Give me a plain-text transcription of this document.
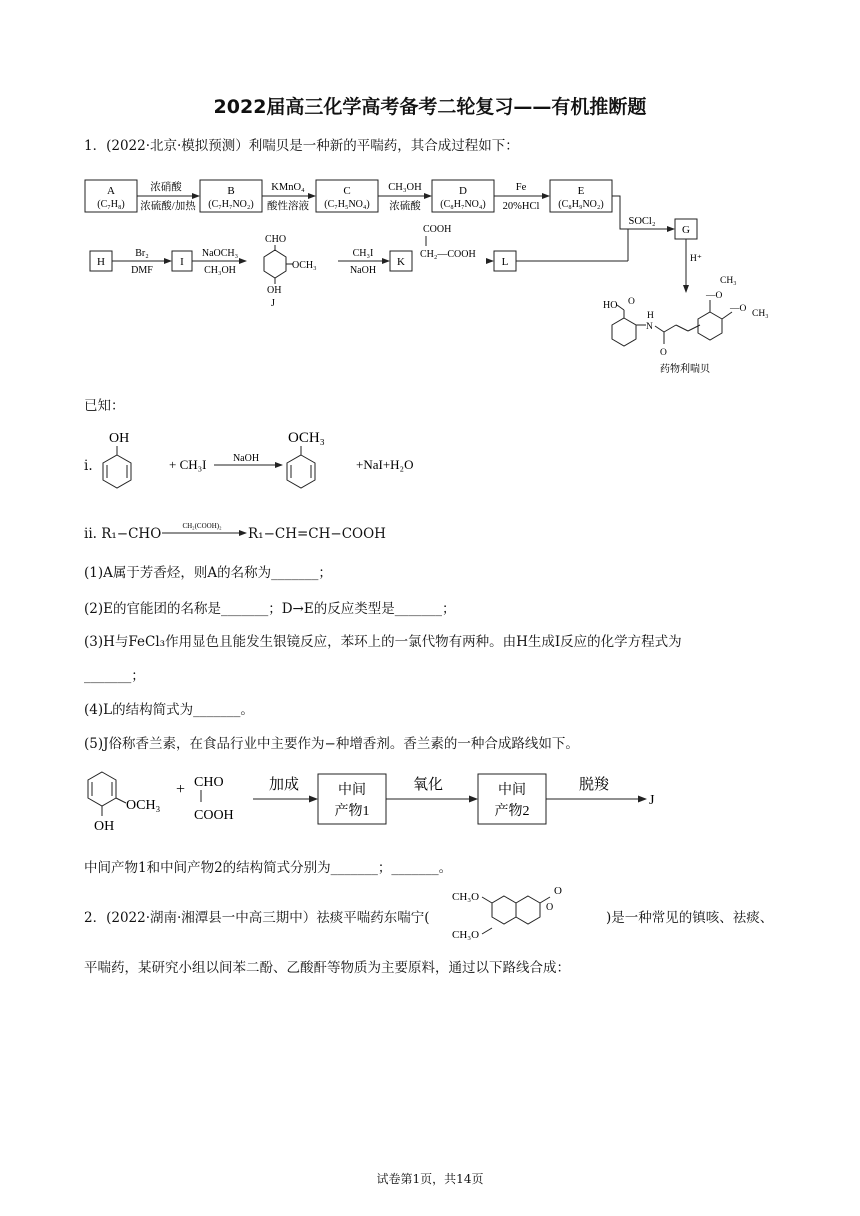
2022届高三化学高考备考二轮复习——有机推断题
1．(2022·北京·模拟预测）利喘贝是一种新的平喘药，其合成过程如下：
A
(C₇H₈)
B
(C₇H₇NO₂)
C
(C₇H₅NO₄)
D
(C₈H₇NO₄)
E
(C₈H₉NO₂)
浓硝酸
浓硫酸/加热
KMnO₄
酸性溶液
CH₃OH
浓硫酸
Fe
20%HCl
SOCl₂
G
H⁺
H
Br₂
DMF
I
NaOCH₃
CH₃OH
CHO
OCH₃
OH
J
CH₃I
NaOH
K
COOH
CH₂—COOH
L
HO O
H
N
O
—O
CH₃
—O CH₃
药物利喘贝
已知：
i.
OH
+ CH₃I	NaOH
OCH₃
+NaI+H₂O
ii. R₁−CHO	CH₂(COOH)₂ R₁−CH=CH−COOH
(1)A属于芳香烃，则A的名称为_______；
(2)E的官能团的名称是_______；D→E的反应类型是_______；
(3)H与FeCl₃作用显色且能发生银镜反应，苯环上的一氯代物有两种。由H生成I反应的化学方程式为
_______；
(4)L的结构简式为_______。
(5)J俗称香兰素，在食品行业中主要作为−种增香剂。香兰素的一种合成路线如下。
OCH₃
OH
+ CHO
COOH
加成	中间
产物1
氧化	中间
产物2
脱羧
J
中间产物1和中间产物2的结构简式分别为_______；_______。
2．(2022·湖南·湘潭县一中高三期中）祛痰平喘药东喘宁(
CH₃O
CH₃O
O
O
)是一种常见的镇咳、祛痰、
平喘药，某研究小组以间苯二酚、乙酸酐等物质为主要原料，通过以下路线合成：
试卷第1页，共14页
